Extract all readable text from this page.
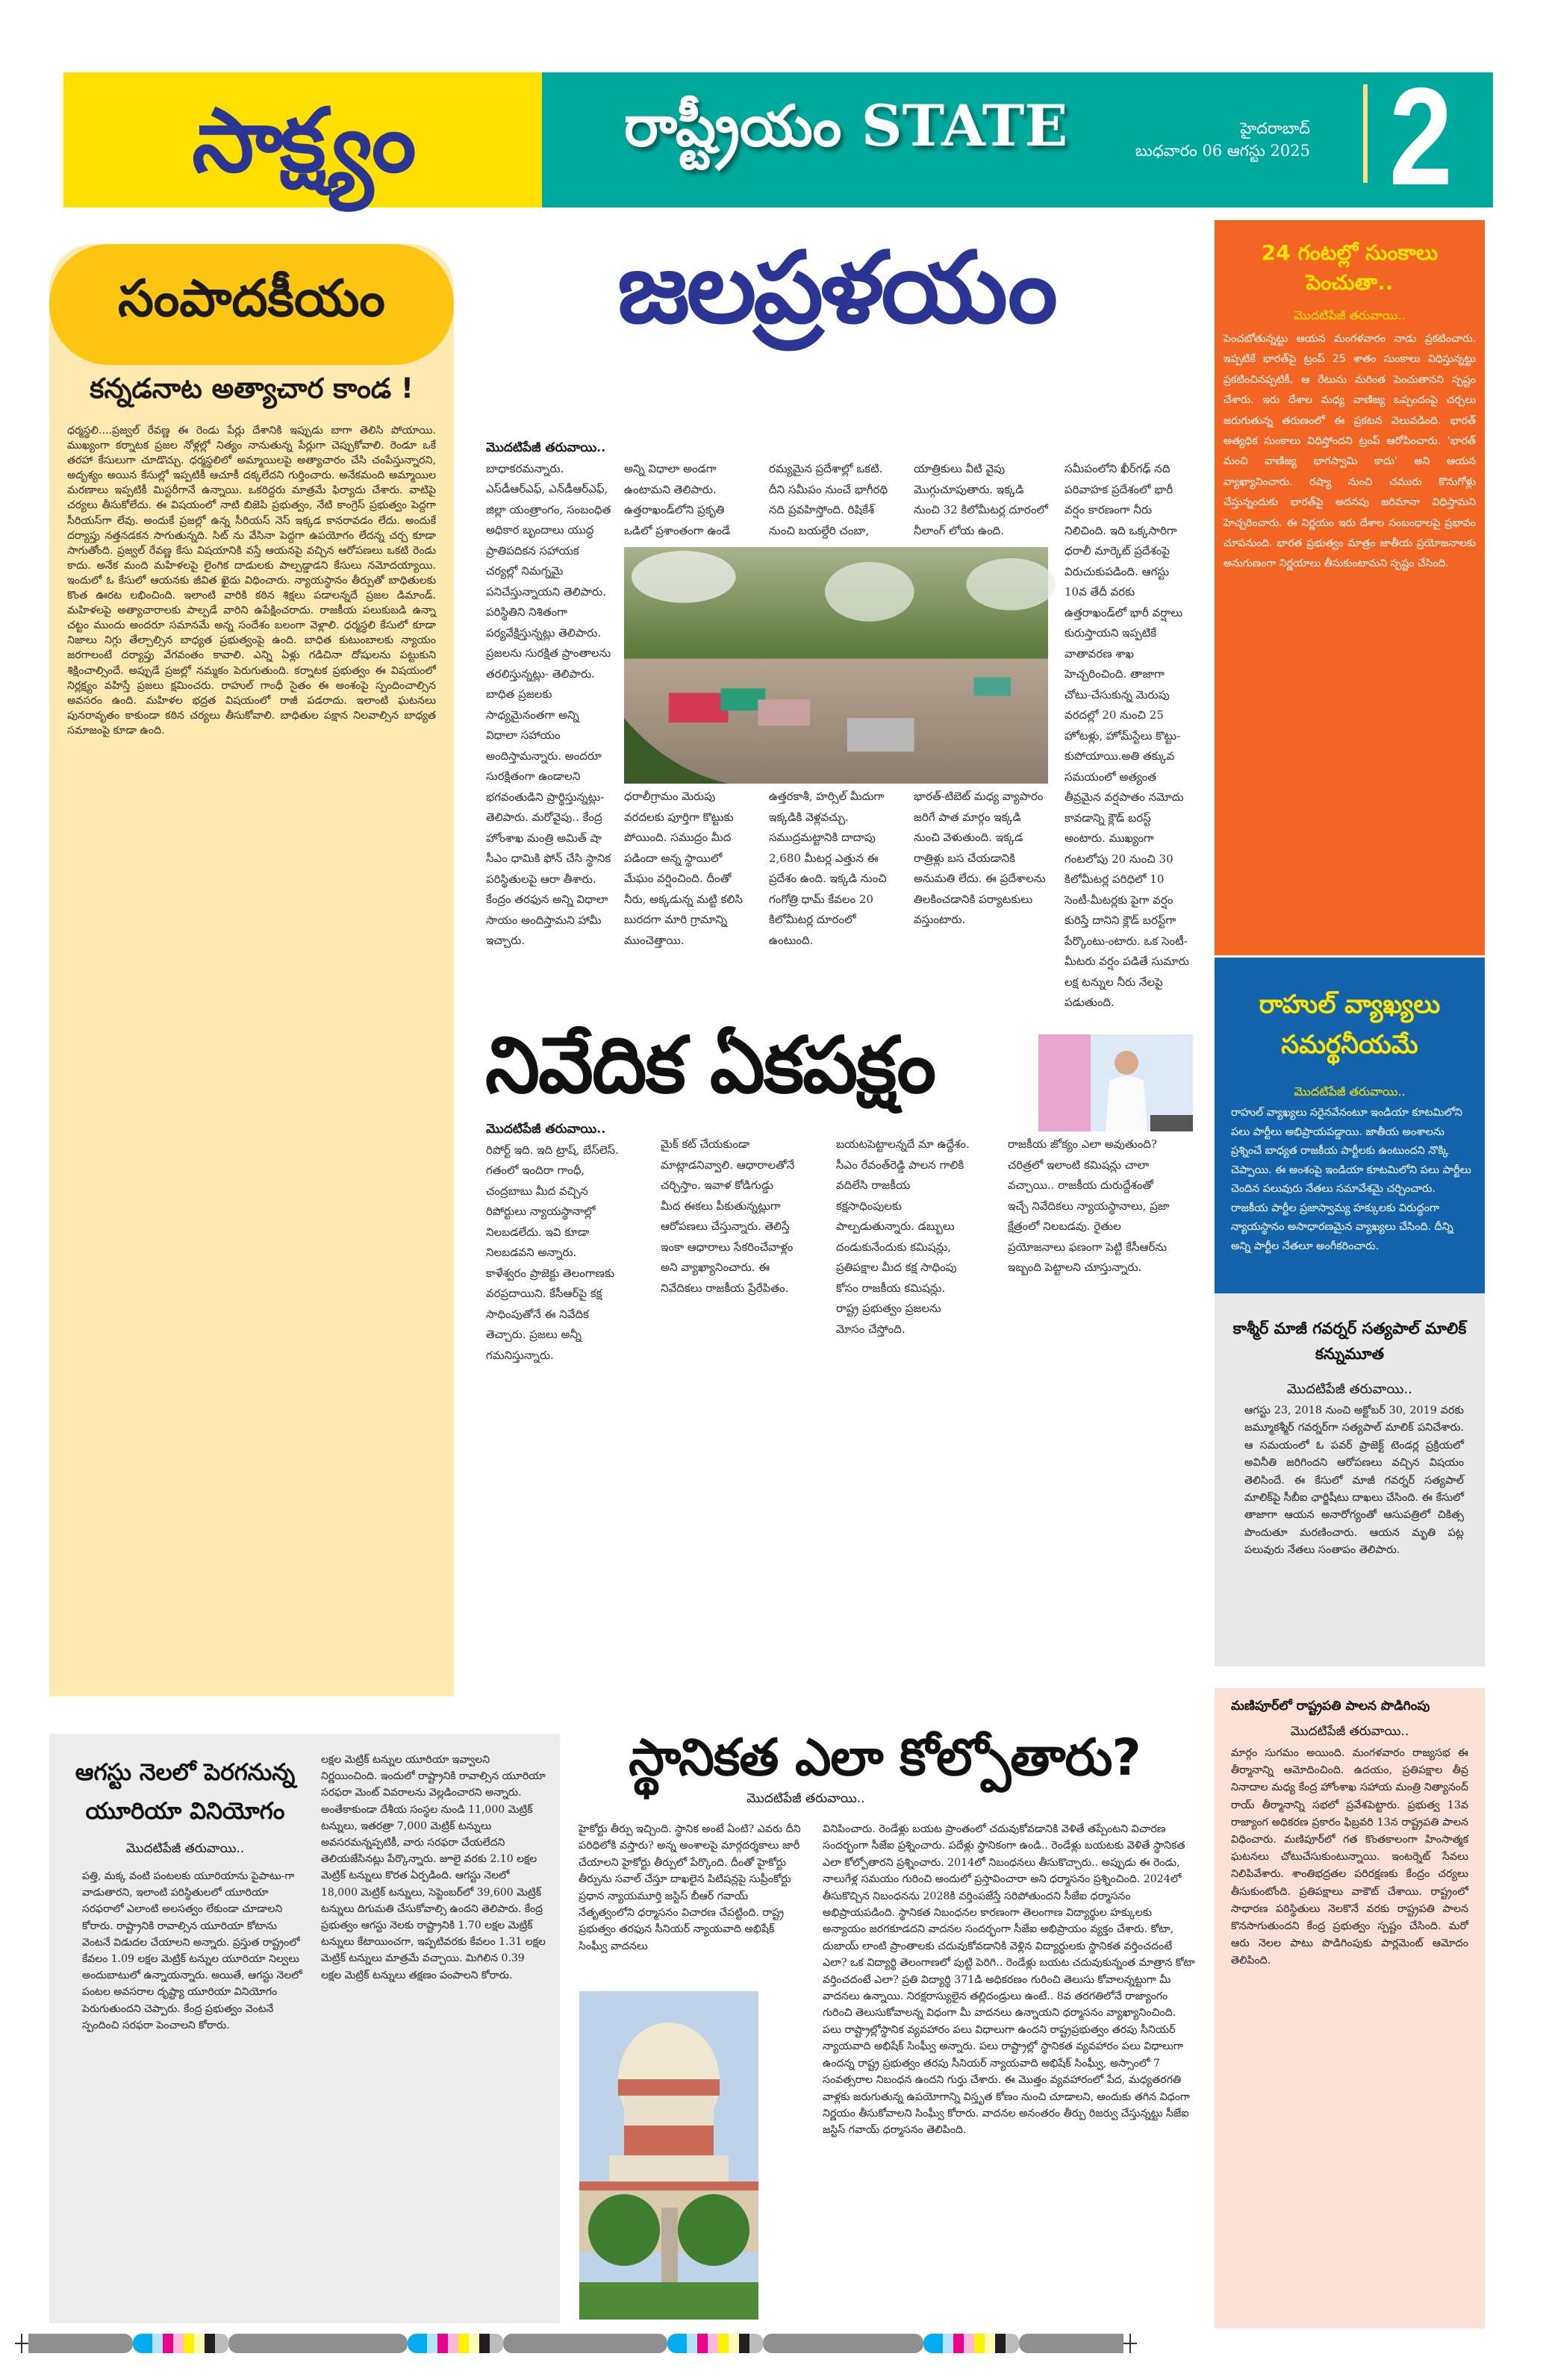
సాక్ష్యం	రాష్ట్రీయం STATE	హైదరాబాద్
బుధవారం 06 ఆగస్టు 2025 2
సంపాదకీయం
కన్నడనాట అత్యాచార కాండ !
ధర్మస్థలి....ప్రజ్వల్ రేవణ్ణ ఈ రెండు పేర్లు దేశానికి ఇప్పుడు బాగా తెలిసి పోయాయి. ముఖ్యంగా కర్నాటక ప్రజల నోళ్లల్లో నిత్యం నానుతున్న పేర్లుగా చెప్పుకోవాలి. రెండూ ఒకే తరహా కేసులుగా చూడొచ్చు. ధర్మస్థలిలో అమ్మాయిలపై అత్యాచారం చేసి చంపేస్తున్నారని, అదృశ్యం అయిన కేసుల్లో ఇప్పటికీ ఆచూకీ దక్కలేదని గుర్తించారు. అనేకమంది అమ్మాయిల మరణాలు ఇప్పటికీ మిస్టరీగానే ఉన్నాయి. ఒకరిద్దరు మాత్రమే ఫిర్యాదు చేశారు. వాటిపై చర్యలు తీసుకోలేదు. ఈ విషయంలో నాటి బిజెపి ప్రభుత్వం, నేటి కాంగ్రెస్ ప్రభుత్వం పెద్దగా సీరియస్‌గా లేవు. అందుకే ప్రజల్లో ఉన్న సీరియస్ నెస్ ఇక్కడ కానరావడం లేదు. అందుకే దర్యాప్తు నత్తనడకన సాగుతున్నది. సిట్ ను వేసినా పెద్దగా ఉపయోగం లేదన్న చర్చ కూడా సాగుతోంది. ప్రజ్వల్ రేవణ్ణ కేసు విషయానికి వస్తే ఆయనపై వచ్చిన ఆరోపణలు ఒకటి రెండు కాదు. అనేక మంది మహిళలపై లైంగిక దాడులకు పాల్పడ్డాడని కేసులు నమోదయ్యాయి. ఇందులో ఓ కేసులో ఆయనకు జీవిత ఖైదు విధించారు. న్యాయస్థానం తీర్పుతో బాధితులకు కొంత ఊరట లభించింది. ఇలాంటి వారికి కఠిన శిక్షలు పడాలన్నదే ప్రజల డిమాండ్. మహిళలపై అత్యాచారాలకు పాల్పడే వారిని ఉపేక్షించరాదు. రాజకీయ పలుకుబడి ఉన్నా చట్టం ముందు అందరూ సమానమే అన్న సందేశం బలంగా వెళ్లాలి. ధర్మస్థలి కేసులో కూడా నిజాలు నిగ్గు తేల్చాల్సిన బాధ్యత ప్రభుత్వంపై ఉంది. బాధిత కుటుంబాలకు న్యాయం జరగాలంటే దర్యాప్తు వేగవంతం కావాలి. ఎన్ని ఏళ్లు గడిచినా దోషులను పట్టుకుని శిక్షించాల్సిందే. అప్పుడే ప్రజల్లో నమ్మకం పెరుగుతుంది. కర్నాటక ప్రభుత్వం ఈ విషయంలో నిర్లక్ష్యం వహిస్తే ప్రజలు క్షమించరు. రాహుల్ గాంధీ సైతం ఈ అంశంపై స్పందించాల్సిన అవసరం ఉంది. మహిళల భద్రత విషయంలో రాజీ పడరాదు. ఇలాంటి ఘటనలు పునరావృతం కాకుండా కఠిన చర్యలు తీసుకోవాలి. బాధితుల పక్షాన నిలవాల్సిన బాధ్యత సమాజంపై కూడా ఉంది.
జలప్రళయం
మొదటిపేజీ తరువాయి..
బాధాకరమన్నారు. ఎస్‌డీఆర్ఎఫ్, ఎన్‌డీఆర్ఎఫ్, జిల్లా యంత్రాంగం, సంబంధిత అధికార బృందాలు యుద్ధ ప్రాతిపదికన సహాయక చర్యల్లో నిమగ్నమై పనిచేస్తున్నాయని తెలిపారు. పరిస్థితిని నిశితంగా పర్యవేక్షిస్తున్నట్లు తెలిపారు. ప్రజలను సురక్షిత ప్రాంతాలను తరలిస్తున్నట్లు- తెలిపారు. బాధిత ప్రజలకు సాధ్యమైనంతగా అన్ని విధాలా సహాయం అందిస్తామన్నారు. అందరూ సురక్షితంగా ఉండాలని భగవంతుడిని ప్రార్థిస్తున్నట్లు- తెలిపారు. మరోవైపు.. కేంద్ర హోంశాఖ మంత్రి అమిత్ షా సీఎం ధామికి ఫోన్ చేసి స్థానిక పరిస్థితులపై ఆరా తీశారు. కేంద్రం తరఫున అన్ని విధాలా సాయం అందిస్తామని హామీ ఇచ్చారు.
అన్ని విధాలా అండగా ఉంటామని తెలిపారు. ఉత్తరాఖండ్‌లోని ప్రకృతి ఒడిలో ప్రశాంతంగా ఉండే
ధరాలీగ్రామం మెరుపు వరదలకు పూర్తిగా కొట్టుకు పోయింది. సముద్రం మీద పడిందా అన్న స్థాయిలో మేఘం వర్షించింది. దీంతో నీరు, అక్కడున్న మట్టి కలిసి బురదగా మారి గ్రామాన్ని ముంచెత్తాయి.
రమ్యమైన ప్రదేశాల్లో ఒకటి. దీని సమీపం నుంచే భాగీరథి నది ప్రవహిస్తోంది. రిషికేశ్ నుంచి బయల్దేరి చంబా,
ఉత్తరకాశీ, హర్సిల్ మీదుగా ఇక్కడికి వెళ్లవచ్చు. సముద్రమట్టానికి దాదాపు 2,680 మీటర్ల ఎత్తున ఈ ప్రదేశం ఉంది. ఇక్కడి నుంచి గంగోత్రి ధామ్ కేవలం 20 కిలోమీటర్ల దూరంలో ఉంటుంది.
యాత్రికులు వీటి వైపు మొగ్గుచూపుతారు. ఇక్కడి నుంచి 32 కిలోమీటర్ల దూరంలో నీలాంగ్ లోయ ఉంది.
భారత్-టిబెట్ మధ్య వ్యాపారం జరిగే పాత మార్గం ఇక్కడి నుంచి వెళుతుంది. ఇక్కడ రాత్రిళ్లు బస చేయడానికి అనుమతి లేదు. ఈ ప్రదేశాలను తిలకించడానికి పర్యాటకులు వస్తుంటారు.
సమీపంలోని ఖీర్‌గఢ్ నది పరివాహక ప్రదేశంలో భారీ వర్షం కారణంగా నీరు నిలిచింది. ఇది ఒక్కసారిగా ధరాలీ మార్కెట్ ప్రదేశంపై విరుచుకుపడింది. ఆగస్టు 10వ తేదీ వరకు ఉత్తరాఖండ్‌లో భారీ వర్షాలు కురుస్తాయని ఇప్పటికే వాతావరణ శాఖ హెచ్చరించింది. తాజాగా చోటు-చేసుకున్న మెరుపు వరదల్లో 20 నుంచి 25 హోటళ్లు, హోమ్‌స్టేలు కొట్టు-కుపోయాయి.అతి తక్కువ సమయంలో అత్యంత తీవ్రమైన వర్షపాతం నమోదు కావడాన్ని క్లౌడ్ బరస్ట్ అంటారు. ముఖ్యంగా గంటలోపు 20 నుంచి 30 కిలోమీటర్ల పరిధిలో 10 సెంటీ-మీటర్లకు పైగా వర్షం కురిస్తే దానిని క్లౌడ్ బరస్ట్‌గా పేర్కొంటు-ంటారు. ఒక సెంటీ-మీటరు వర్షం పడితే సుమారు లక్ష టన్నుల నీరు నేలపై పడుతుంది.
నివేదిక ఏకపక్షం
మొదటిపేజీ తరువాయి..
రిపోర్ట్ ఇది. ఇది ట్రాష్, బేస్‌లెస్. గతంలో ఇందిరా గాంధీ, చంద్రబాబు మీద వచ్చిన రిపోర్టులు న్యాయస్థానాల్లో నిలబడలేదు. ఇవి కూడా నిలబడవని అన్నారు. కాళేశ్వరం ప్రాజెక్టు తెలంగాణకు వరప్రదాయిని. కేసీఆర్‌పై కక్ష సాధింపుతోనే ఈ నివేదిక తెచ్చారు. ప్రజలు అన్నీ గమనిస్తున్నారు.
మైక్ కట్ చేయకుండా మాట్లాడనివ్వాలి. ఆధారాలతోనే చర్చిస్తాం. ఇవాళ కోడిగుడ్డు మీద ఈకలు పీకుతున్నట్లుగా ఆరోపణలు చేస్తున్నారు. తెలిస్తే ఇంకా ఆధారాలు సేకరించేవాళ్లం అని వ్యాఖ్యానించారు. ఈ నివేదికలు రాజకీయ ప్రేరేపితం.
బయటపెట్టాలన్నదే మా ఉద్దేశం. సీఎం రేవంత్‌రెడ్డి పాలన గాలికి వదిలేసి రాజకీయ కక్షసాధింపులకు పాల్పడుతున్నారు. డబ్బులు దండుకునేందుకు కమిషన్లు, ప్రతిపక్షాల మీద కక్ష సాధింపు కోసం రాజకీయ కమిషన్లు. రాష్ట్ర ప్రభుత్వం ప్రజలను మోసం చేస్తోంది.
రాజకీయ జోక్యం ఎలా అవుతుంది? చరిత్రలో ఇలాంటి కమిషన్లు చాలా వచ్చాయి.. రాజకీయ దురుద్దేశంతో ఇచ్చే నివేదికలు న్యాయస్థానాలు, ప్రజా క్షేత్రంలో నిలబడవు. రైతుల ప్రయోజనాలు ఫణంగా పెట్టి కేసీఆర్‌ను ఇబ్బంది పెట్టాలని చూస్తున్నారు.
24 గంటల్లో సుంకాలు పెంచుతా..
మొదటిపేజీ తరువాయి..
పెంచబోతున్నట్టు ఆయన మంగళవారం నాడు ప్రకటించారు. ఇప్పటికే భారత్‌పై ట్రంప్ 25 శాతం సుంకాలు విధిస్తున్నట్టు ప్రకటించినప్పటికీ, ఆ రేటును మరింత పెంచుతానని స్పష్టం చేశారు. ఇరు దేశాల మధ్య వాణిజ్య ఒప్పందంపై చర్చలు జరుగుతున్న తరుణంలో ఈ ప్రకటన వెలువడింది. భారత్ అత్యధిక సుంకాలు విధిస్తోందని ట్రంప్ ఆరోపించారు. 'భారత్ మంచి వాణిజ్య భాగస్వామి కాదు' అని ఆయన వ్యాఖ్యానించారు. రష్యా నుంచి చమురు కొనుగోళ్లు చేస్తున్నందుకు భారత్‌పై అదనపు జరిమానా విధిస్తామని హెచ్చరించారు. ఈ నిర్ణయం ఇరు దేశాల సంబంధాలపై ప్రభావం చూపనుంది. భారత ప్రభుత్వం మాత్రం జాతీయ ప్రయోజనాలకు అనుగుణంగా నిర్ణయాలు తీసుకుంటామని స్పష్టం చేసింది.
రాహుల్ వ్యాఖ్యలు సమర్థనీయమే
మొదటిపేజీ తరువాయి..
రాహుల్ వ్యాఖ్యలు సరైనవేనంటూ ఇండియా కూటమిలోని పలు పార్టీలు అభిప్రాయపడ్డాయి. జాతీయ అంశాలను ప్రశ్నించే బాధ్యత రాజకీయ పార్టీలకు ఉంటుందని నొక్కి చెప్పాయి. ఈ అంశంపై ఇండియా కూటమిలోని పలు పార్టీలు చెందిన పలువురు నేతలు సమావేశమై చర్చించారు. రాజకీయ పార్టీల ప్రజాస్వామ్య హక్కులకు విరుద్ధంగా న్యాయస్థానం అసాధారణమైన వ్యాఖ్యలు చేసింది. దీన్ని అన్ని పార్టీల నేతలూ అంగీకరించారు.
కాశ్మీర్ మాజీ గవర్నర్ సత్యపాల్ మాలిక్ కన్నుమూత
మొదటిపేజీ తరువాయి..
ఆగస్టు 23, 2018 నుంచి అక్టోబర్ 30, 2019 వరకు జమ్మూకశ్మీర్ గవర్నర్‌గా సత్యపాల్ మాలిక్ పనిచేశారు. ఆ సమయంలో ఓ పవర్ ప్రాజెక్ట్ టెండర్ల ప్రక్రియలో అవినీతి జరిగిందని ఆరోపణలు వచ్చిన విషయం తెలిసిందే. ఈ కేసులో మాజీ గవర్నర్ సత్యపాల్ మాలిక్‌పై సీబీఐ ఛార్జిషీటు దాఖలు చేసింది. ఈ కేసులో తాజాగా ఆయన అనారోగ్యంతో ఆసుపత్రిలో చికిత్స పొందుతూ మరణించారు. ఆయన మృతి పట్ల పలువురు నేతలు సంతాపం తెలిపారు.
మణిపూర్‌లో రాష్ట్రపతి పాలన పొడిగింపు
మొదటిపేజీ తరువాయి..
మార్గం సుగమం అయింది. మంగళవారం రాజ్యసభ ఈ తీర్మానాన్ని ఆమోదించింది. ఉదయం, ప్రతిపక్షాల తీవ్ర నినాదాల మధ్య కేంద్ర హోంశాఖ సహాయ మంత్రి నిత్యానంద్ రాయ్ తీర్మానాన్ని సభలో ప్రవేశపెట్టారు. ప్రభుత్వ 13వ రాజ్యాంగ అధికరణ ప్రకారం ఫిబ్రవరి 13న రాష్ట్రపతి పాలన విధించారు. మణిపూర్‌లో గత కొంతకాలంగా హింసాత్మక ఘటనలు చోటుచేసుకుంటున్నాయి. ఇంటర్నెట్ సేవలు నిలిపివేశారు. శాంతిభద్రతల పరిరక్షణకు కేంద్రం చర్యలు తీసుకుంటోంది. ప్రతిపక్షాలు వాకౌట్ చేశాయి. రాష్ట్రంలో సాధారణ పరిస్థితులు నెలకొనే వరకు రాష్ట్రపతి పాలన కొనసాగుతుందని కేంద్ర ప్రభుత్వం స్పష్టం చేసింది. మరో ఆరు నెలల పాటు పొడిగింపుకు పార్లమెంట్ ఆమోదం తెలిపింది.
ఆగస్టు నెలలో పెరగనున్న యూరియా వినియోగం
మొదటిపేజీ తరువాయి..
పత్తి, మక్క వంటి పంటలకు యూరియాను పైపాటు-గా వాడుతారని, ఇలాంటి పరిస్థితులలో యూరియా సరఫరాలో ఎలాంటి అలసత్వం లేకుండా చూడాలని కోరారు. రాష్ట్రానికి రావాల్సిన యూరియా కోటాను వెంటనే విడుదల చేయాలని అన్నారు. ప్రస్తుత రాష్ట్రంలో కేవలం 1.09 లక్షల మెట్రిక్ టన్నుల యూరియా నిల్వలు అందుబాటులో ఉన్నాయన్నారు. అయితే, ఆగస్టు నెలలో పంటల అవసరాల దృష్ట్యా యూరియా వినియోగం పెరుగుతుందని చెప్పారు. కేంద్ర ప్రభుత్వం వెంటనే స్పందించి సరఫరా పెంచాలని కోరారు.
లక్షల మెట్రిక్ టన్నుల యూరియా ఇవ్వాలని నిర్ణయించింది. ఇందులో రాష్ట్రానికి రావాల్సిన యూరియా సరఫరా మెంట్ వివరాలను వెల్లడించారని అన్నారు. అంతేకాకుండా దేశీయ సంస్థల నుండి 11,000 మెట్రిక్ టన్నులు, ఇతరత్రా 7,000 మెట్రిక్ టన్నులు అవసరమన్నప్పటికీ, వారు సరఫరా చేయలేదని తెలియజేసినట్లు పేర్కొన్నారు. జూలై వరకు 2.10 లక్షల మెట్రిక్ టన్నులు కొరత ఏర్పడింది. ఆగస్టు నెలలో 18,000 మెట్రిక్ టన్నులు, సెప్టెంబర్‌లో 39,600 మెట్రిక్ టన్నులు దిగుమతి చేసుకోవాల్సి ఉందని తెలిపారు. కేంద్ర ప్రభుత్వం ఆగస్టు నెలకు రాష్ట్రానికి 1.70 లక్షల మెట్రిక్ టన్నులు కేటాయించగా, ఇప్పటివరకు కేవలం 1.31 లక్షల మెట్రిక్ టన్నులు మాత్రమే వచ్చాయి. మిగిలిన 0.39 లక్షల మెట్రిక్ టన్నులు తక్షణం పంపాలని కోరారు.
స్థానికత ఎలా కోల్పోతారు?
మొదటిపేజీ తరువాయి..
హైకోర్టు తీర్పు ఇచ్చింది. స్థానిక అంటే ఏంటి? ఎవరు దీని పరిధిలోకి వస్తారు? అన్న అంశాలపై మార్గదర్శకాలు జారీ చేయాలని హైకోర్టు తీర్పులో పేర్కొంది. దీంతో హైకోర్టు తీర్పును సవాల్ చేస్తూ దాఖలైన పిటిషన్లపై సుప్రీంకోర్టు ప్రధాన న్యాయమూర్తి జస్టిస్ బీఆర్ గవాయ్ నేతృత్వంలోని ధర్మాసనం విచారణ చేపట్టింది. రాష్ట్ర ప్రభుత్వం తరఫున సీనియర్ న్యాయవాది అభిషేక్ సింఘ్వీ వాదనలు
వినిపించారు. రెండేళ్లు బయట ప్రాంతంలో చదువుకోవడానికి వెళితే తప్పేంటని విచారణ సందర్భంగా సీజేఐ ప్రశ్నించారు. పదేళ్లు స్థానికంగా ఉండి.. రెండేళ్లు బయటకు వెళితే స్థానికత ఎలా కోల్పోతారని ప్రశ్నించారు. 2014లో నిబంధనలు తీసుకొచ్చారు.. అప్పుడు ఈ రెండు, నాలుగేళ్ల సమయం గురించి అందులో ప్రస్తావించారా అని ధర్మాసనం ప్రశ్నించింది. 2024లో తీసుకొచ్చిన నిబంధనను 2028కి వర్తింపజేస్తే సరిపోతుందని సీజేఐ ధర్మాసనం అభిప్రాయపడింది. స్థానికత నిబంధనల కారణంగా తెలంగాణ విద్యార్థుల హక్కులకు అన్యాయం జరగకూడదని వాదనల సందర్భంగా సీజేఐ అభిప్రాయం వ్యక్తం చేశారు. కోటా, దుబాయ్ లాంటి ప్రాంతాలకు చదువుకోవడానికి వెళ్లిన విద్యార్థులకు స్థానికత వర్తించదంటే ఎలా? ఒక విద్యార్థి తెలంగాణలో పుట్టి పెరిగి.. రెండేళ్లు బయట చదువుకున్నంత మాత్రాన కోటా వర్తించదంటే ఎలా? ప్రతి విద్యార్థి 371డి అధికరణం గురించి తెలుసు కోవాలన్నట్టుగా మీ వాదనలు ఉన్నాయి. నిరక్షరాస్యులైన తల్లిదండ్రులు ఉంటే.. 8వ తరగతిలోనే రాజ్యాంగం గురించి తెలుసుకోవాలన్న విధంగా మీ వాదనలు ఉన్నాయని ధర్మాసనం వ్యాఖ్యానించింది. పలు రాష్ట్రాల్లోస్థానిక వ్యవహారం పలు విధాలుగా ఉందని రాష్ట్రప్రభుత్వం తరపు సీనియర్ న్యాయవాది అభిషేక్ సింఘ్వీ అన్నారు. పలు రాష్ట్రాల్లో స్థానికత వ్యవహారం పలు విధాలుగా ఉందన్న రాష్ట్ర ప్రభుత్వం తరపు సీనియర్ న్యాయవాది అభిషేక్ సింఘ్వీ, అస్సాంలో 7 సంవత్సరాల నిబంధన ఉందని గుర్తు చేశారు. ఈ మొత్తం వ్యవహారంలో పేద, మధ్యతరగతి వాళ్లకు జరుగుతున్న ఉపయోగాన్ని విస్తృత కోణం నుంచి చూడాలని, అందుకు తగిన విధంగా నిర్ణయం తీసుకోవాలని సింఘ్వీ కోరారు. వాదనల అనంతరం తీర్పు రిజర్వు చేస్తున్నట్టు సీజేఐ జస్టిస్ గవాయ్ ధర్మాసనం తెలిపింది.
